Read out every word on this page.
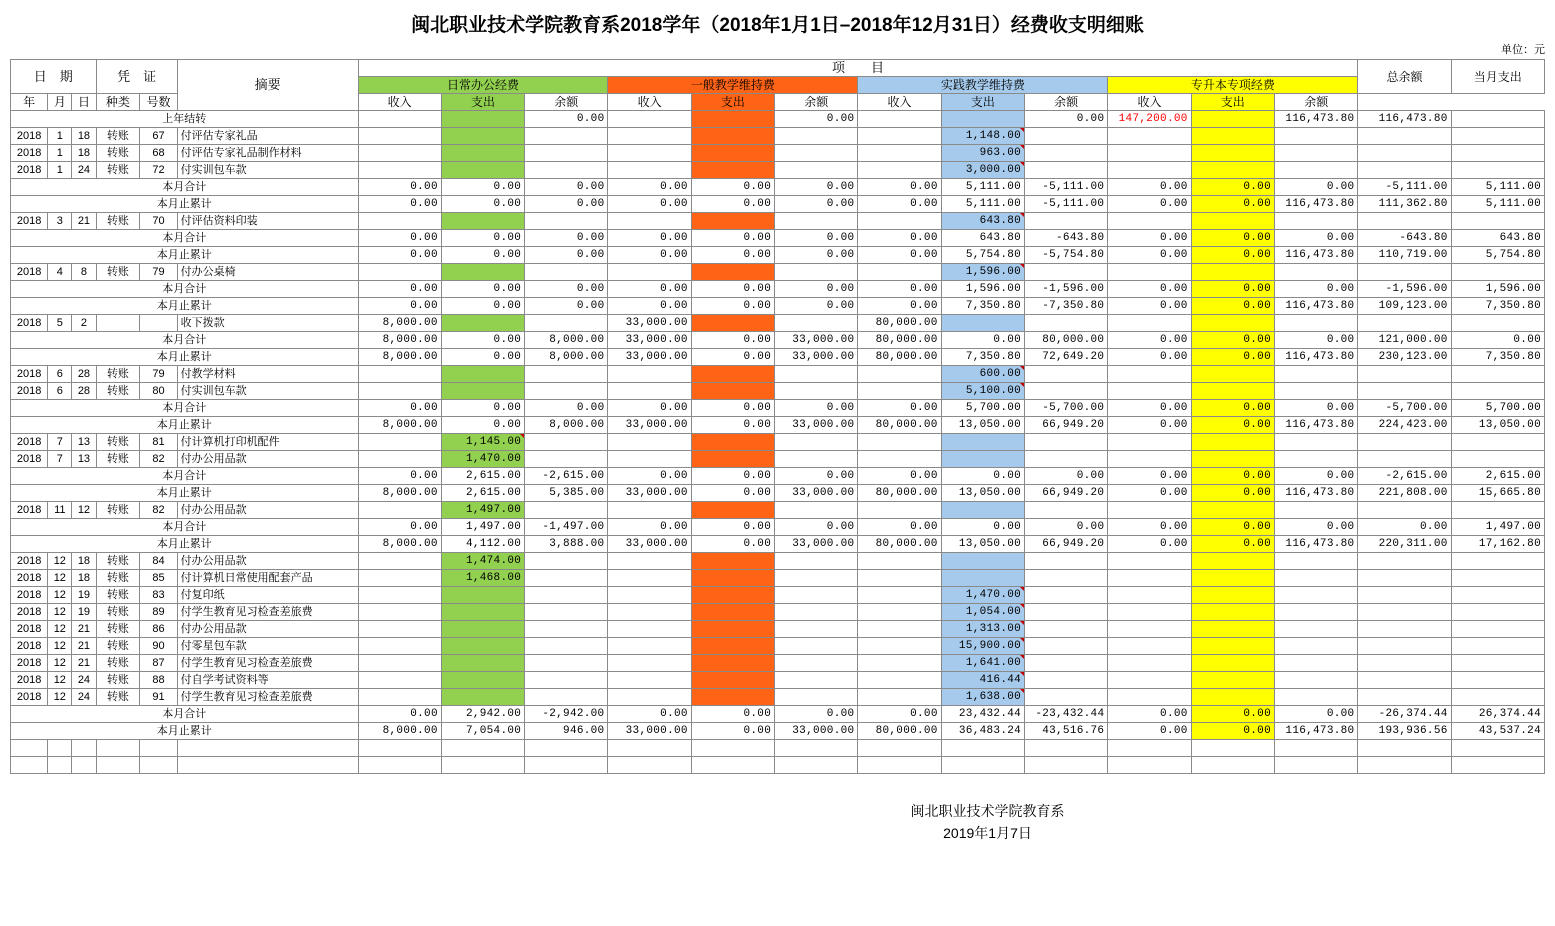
闽北职业技术学院教育系2018学年（2018年1月1日–2018年12月31日）经费收支明细账
单位：元
日　期			凭　证		摘要	项　　目												总余额	当月支出
						日常办公经费			一般教学维持费			实践教学维持费			专升本专项经费				
年	月	日	种类	号数		收入	支出	余额	收入	支出	余额	收入	支出	余额	收入	支出	余额		
上年结转								0.00			0.00			0.00	147,200.00		116,473.80	116,473.80	
2018	1	18	转账	67	付评估专家礼品								1,148.00						
2018	1	18	转账	68	付评估专家礼品制作材料								963.00						
2018	1	24	转账	72	付实训包车款								3,000.00						
本月合计						0.00	0.00	0.00	0.00	0.00	0.00	0.00	5,111.00	-5,111.00	0.00	0.00	0.00	-5,111.00	5,111.00
本月止累计						0.00	0.00	0.00	0.00	0.00	0.00	0.00	5,111.00	-5,111.00	0.00	0.00	116,473.80	111,362.80	5,111.00
2018	3	21	转账	70	付评估资料印装								643.80						
本月合计						0.00	0.00	0.00	0.00	0.00	0.00	0.00	643.80	-643.80	0.00	0.00	0.00	-643.80	643.80
本月止累计						0.00	0.00	0.00	0.00	0.00	0.00	0.00	5,754.80	-5,754.80	0.00	0.00	116,473.80	110,719.00	5,754.80
2018	4	8	转账	79	付办公桌椅								1,596.00						
本月合计						0.00	0.00	0.00	0.00	0.00	0.00	0.00	1,596.00	-1,596.00	0.00	0.00	0.00	-1,596.00	1,596.00
本月止累计						0.00	0.00	0.00	0.00	0.00	0.00	0.00	7,350.80	-7,350.80	0.00	0.00	116,473.80	109,123.00	7,350.80
2018	5	2			收下拨款	8,000.00			33,000.00			80,000.00							
本月合计						8,000.00	0.00	8,000.00	33,000.00	0.00	33,000.00	80,000.00	0.00	80,000.00	0.00	0.00	0.00	121,000.00	0.00
本月止累计						8,000.00	0.00	8,000.00	33,000.00	0.00	33,000.00	80,000.00	7,350.80	72,649.20	0.00	0.00	116,473.80	230,123.00	7,350.80
2018	6	28	转账	79	付教学材料								600.00						
2018	6	28	转账	80	付实训包车款								5,100.00						
本月合计						0.00	0.00	0.00	0.00	0.00	0.00	0.00	5,700.00	-5,700.00	0.00	0.00	0.00	-5,700.00	5,700.00
本月止累计						8,000.00	0.00	8,000.00	33,000.00	0.00	33,000.00	80,000.00	13,050.00	66,949.20	0.00	0.00	116,473.80	224,423.00	13,050.00
2018	7	13	转账	81	付计算机打印机配件		1,145.00												
2018	7	13	转账	82	付办公用品款		1,470.00												
本月合计						0.00	2,615.00	-2,615.00	0.00	0.00	0.00	0.00	0.00	0.00	0.00	0.00	0.00	-2,615.00	2,615.00
本月止累计						8,000.00	2,615.00	5,385.00	33,000.00	0.00	33,000.00	80,000.00	13,050.00	66,949.20	0.00	0.00	116,473.80	221,808.00	15,665.80
2018	11	12	转账	82	付办公用品款		1,497.00												
本月合计						0.00	1,497.00	-1,497.00	0.00	0.00	0.00	0.00	0.00	0.00	0.00	0.00	0.00	0.00	1,497.00
本月止累计						8,000.00	4,112.00	3,888.00	33,000.00	0.00	33,000.00	80,000.00	13,050.00	66,949.20	0.00	0.00	116,473.80	220,311.00	17,162.80
2018	12	18	转账	84	付办公用品款		1,474.00												
2018	12	18	转账	85	付计算机日常使用配套产品		1,468.00												
2018	12	19	转账	83	付复印纸								1,470.00						
2018	12	19	转账	89	付学生教育见习检查差旅费								1,054.00						
2018	12	21	转账	86	付办公用品款								1,313.00						
2018	12	21	转账	90	付零星包车款								15,900.00						
2018	12	21	转账	87	付学生教育见习检查差旅费								1,641.00						
2018	12	24	转账	88	付自学考试资料等								416.44						
2018	12	24	转账	91	付学生教育见习检查差旅费								1,638.00						
本月合计						0.00	2,942.00	-2,942.00	0.00	0.00	0.00	0.00	23,432.44	-23,432.44	0.00	0.00	0.00	-26,374.44	26,374.44
本月止累计						8,000.00	7,054.00	946.00	33,000.00	0.00	33,000.00	80,000.00	36,483.24	43,516.76	0.00	0.00	116,473.80	193,936.56	43,537.24

闽北职业技术学院教育系
2019年1月7日
